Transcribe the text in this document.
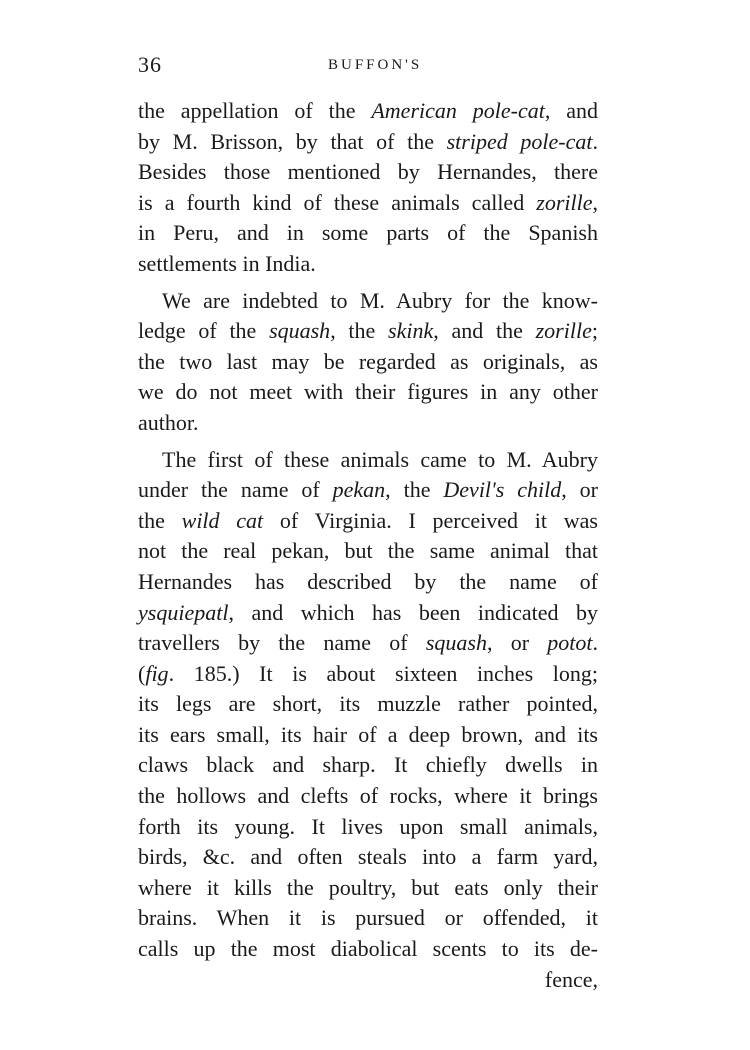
36	BUFFON'S
the appellation of the American pole-cat, and
by M. Brisson, by that of the striped pole-cat.
Besides those mentioned by Hernandes, there
is a fourth kind of these animals called zorille,
in Peru, and in some parts of the Spanish
settlements in India.
We are indebted to M. Aubry for the know-
ledge of the squash, the skink, and the zorille;
the two last may be regarded as originals, as
we do not meet with their figures in any other
author.
The first of these animals came to M. Aubry
under the name of pekan, the Devil's child, or
the wild cat of Virginia. I perceived it was
not the real pekan, but the same animal that
Hernandes has described by the name of
ysquiepatl, and which has been indicated by
travellers by the name of squash, or potot.
(fig. 185.) It is about sixteen inches long;
its legs are short, its muzzle rather pointed,
its ears small, its hair of a deep brown, and its
claws black and sharp. It chiefly dwells in
the hollows and clefts of rocks, where it brings
forth its young. It lives upon small animals,
birds, &c. and often steals into a farm yard,
where it kills the poultry, but eats only their
brains. When it is pursued or offended, it
calls up the most diabolical scents to its de-
fence,
